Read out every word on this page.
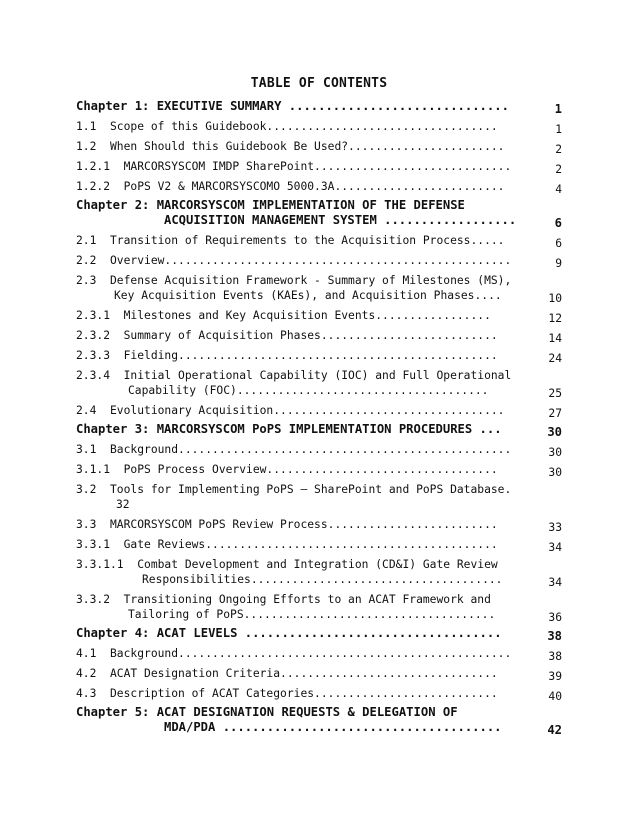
TABLE OF CONTENTS
Chapter 1: EXECUTIVE SUMMARY ..............................	1
1.1  Scope of this Guidebook..................................	1
1.2  When Should this Guidebook Be Used?.......................	2
1.2.1  MARCORSYSCOM IMDP SharePoint.............................	2
1.2.2  PoPS V2 & MARCORSYSCOMO 5000.3A.........................	4
Chapter 2: MARCORSYSCOM IMPLEMENTATION OF THE DEFENSE
ACQUISITION MANAGEMENT SYSTEM ..................	6
2.1  Transition of Requirements to the Acquisition Process.....	6
2.2  Overview...................................................	9
2.3  Defense Acquisition Framework - Summary of Milestones (MS),
Key Acquisition Events (KAEs), and Acquisition Phases....	10
2.3.1  Milestones and Key Acquisition Events.................	12
2.3.2  Summary of Acquisition Phases..........................	14
2.3.3  Fielding...............................................	24
2.3.4  Initial Operational Capability (IOC) and Full Operational
Capability (FOC).....................................	25
2.4  Evolutionary Acquisition..................................	27
Chapter 3: MARCORSYSCOM PoPS IMPLEMENTATION PROCEDURES ...	30
3.1  Background.................................................	30
3.1.1  PoPS Process Overview..................................	30
3.2  Tools for Implementing PoPS – SharePoint and PoPS Database.
32
3.3  MARCORSYSCOM PoPS Review Process.........................	33
3.3.1  Gate Reviews...........................................	34
3.3.1.1  Combat Development and Integration (CD&I) Gate Review
Responsibilities.....................................	34
3.3.2  Transitioning Ongoing Efforts to an ACAT Framework and
Tailoring of PoPS.....................................	36
Chapter 4: ACAT LEVELS ...................................	38
4.1  Background.................................................	38
4.2  ACAT Designation Criteria................................	39
4.3  Description of ACAT Categories...........................	40
Chapter 5: ACAT DESIGNATION REQUESTS & DELEGATION OF
MDA/PDA ......................................	42
